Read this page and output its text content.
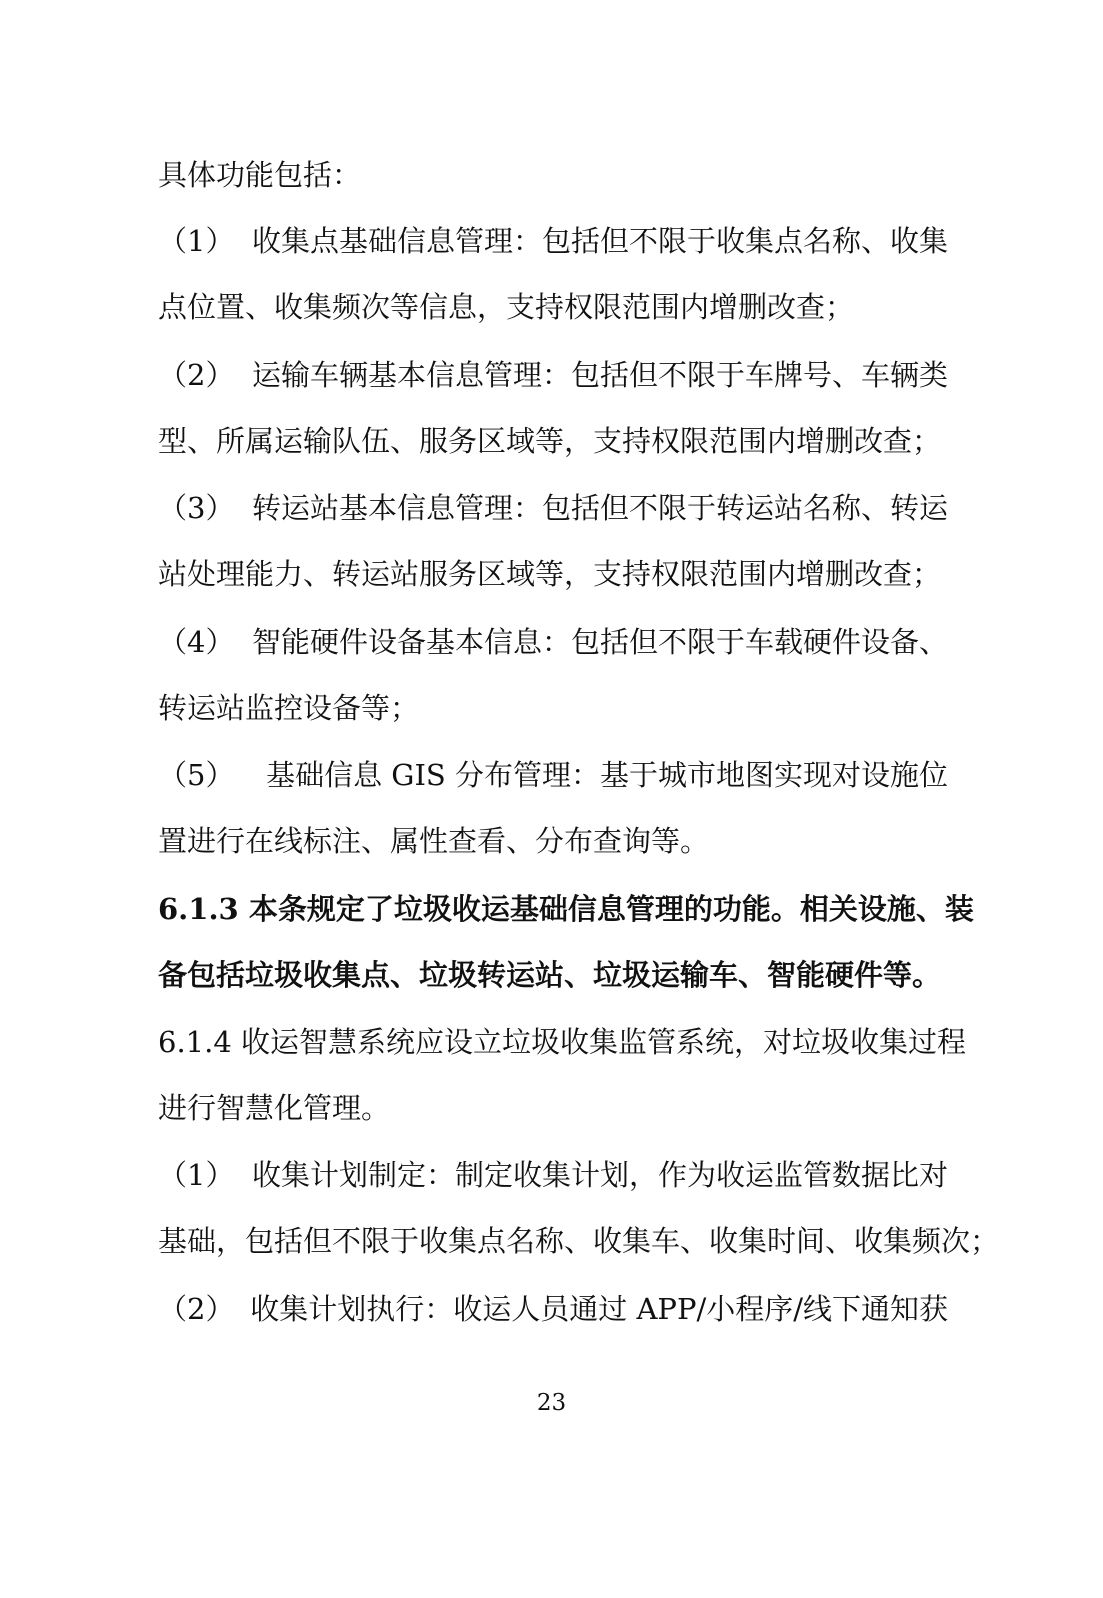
具体功能包括：

（1） 收集点基础信息管理：包括但不限于收集点名称、收集

点位置、收集频次等信息，支持权限范围内增删改查；

（2） 运输车辆基本信息管理：包括但不限于车牌号、车辆类

型、所属运输队伍、服务区域等，支持权限范围内增删改查；

（3） 转运站基本信息管理：包括但不限于转运站名称、转运

站处理能力、转运站服务区域等，支持权限范围内增删改查；

（4） 智能硬件设备基本信息：包括但不限于车载硬件设备、

转运站监控设备等；

（5）	基础信息 GIS 分布管理：基于城市地图实现对设施位

置进行在线标注、属性查看、分布查询等。

6.1.3 本条规定了垃圾收运基础信息管理的功能。相关设施、装

备包括垃圾收集点、垃圾转运站、垃圾运输车、智能硬件等。

6.1.4 收运智慧系统应设立垃圾收集监管系统，对垃圾收集过程

进行智慧化管理。

（1） 收集计划制定：制定收集计划，作为收运监管数据比对

基础，包括但不限于收集点名称、收集车、收集时间、收集频次；

（2） 收集计划执行：收运人员通过 APP/小程序/线下通知获
23
